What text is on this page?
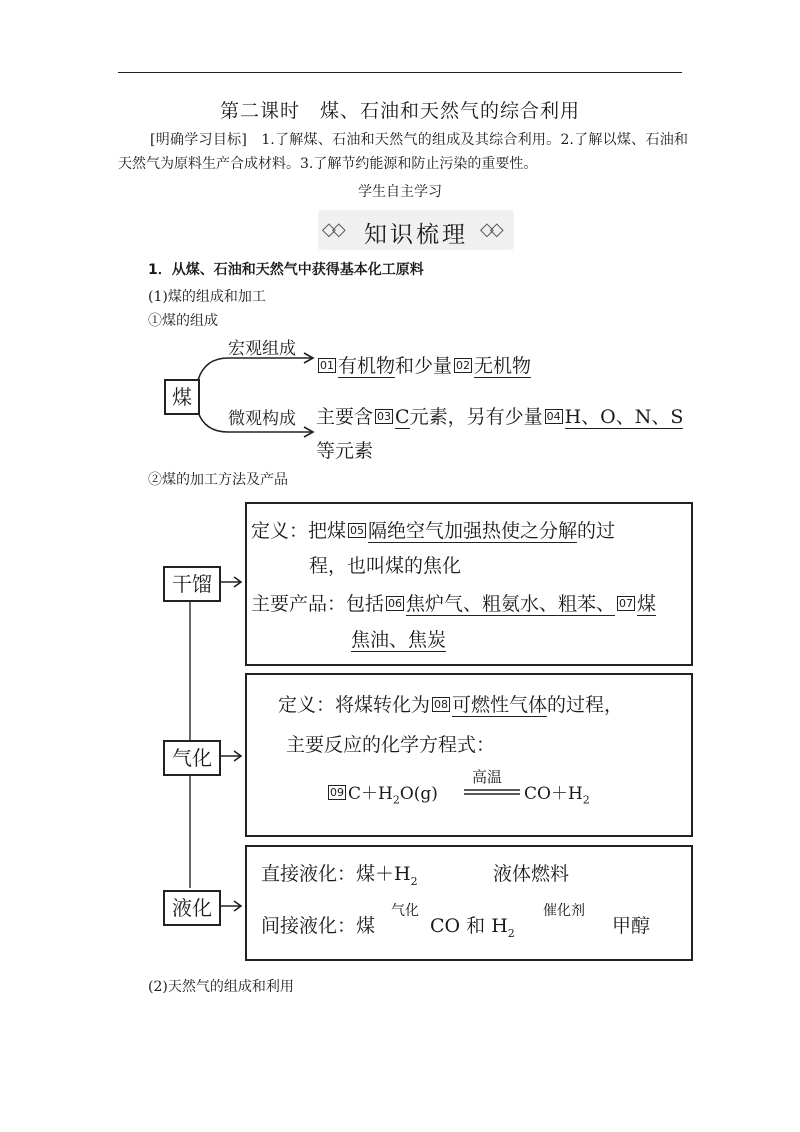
第二课时　煤、石油和天然气的综合利用
[明确学习目标]　1.了解煤、石油和天然气的组成及其综合利用。2.了解以煤、石油和天然气为原料生产合成材料。3.了解节约能源和防止污染的重要性。
学生自主学习
◇◇	◇◇
知识梳理
1．从煤、石油和天然气中获得基本化工原料
(1)煤的组成和加工
①煤的组成
煤
宏观组成
微观构成
01 有机物和少量 02 无机物
主要含 03 C元素，另有少量 04 H、O、N、S
等元素
②煤的加工方法及产品
干馏
气化
液化
定义：把煤 05 隔绝空气加强热使之分解的过
程，也叫煤的焦化
主要产品：包括 06 焦炉气、粗氨水、粗苯、 07 煤
焦油、焦炭
定义：将煤转化为 08 可燃性气体的过程，
主要反应的化学方程式：
09 $C+H_2O(g)$
高温
$CO+H_2$
直接液化：煤$+H_2$	液体燃料
间接液化：煤
气化
CO 和 $H_2$
催化剂
甲醇
(2)天然气的组成和利用
